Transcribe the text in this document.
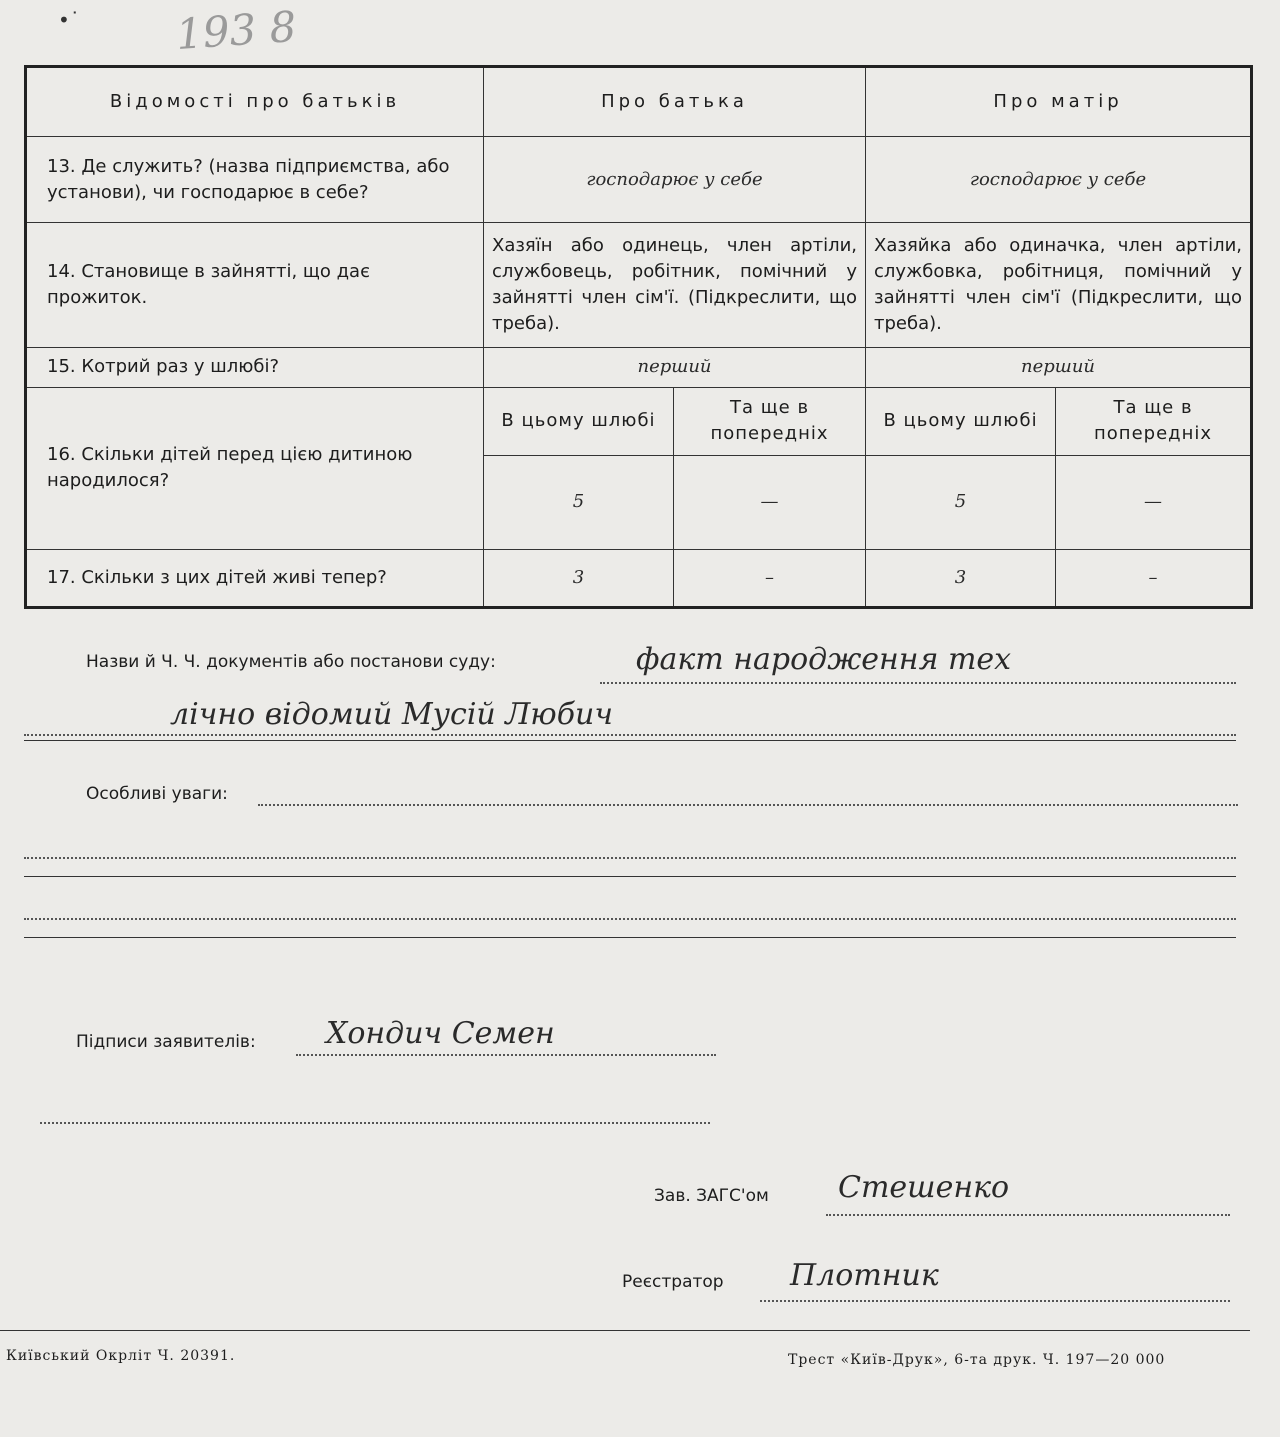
•˙ 193 8
Відомості про батьків	Про батька		Про матір	
13. Де служить? (назва підприємства, або установи), чи господарює в себе?	господарює у себе		господарює у себе	
14. Становище в зайнятті, що дає прожиток.	Хазяїн або одинець, член артіли, службовець, робітник, помічний у зайнятті член сім'ї. (Підкреслити, що треба).		Хазяйка або одиначка, член артіли, службовка, робітниця, помічний у зайнятті член сім'ї (Підкреслити, що треба).	
15. Котрий раз у шлюбі?	перший		перший	
16. Скільки дітей перед цією дитиною народилося?	В цьому шлюбі	Та ще в попередніх	В цьому шлюбі	Та ще в попередніх
	5	—	5	—
17. Скільки з цих дітей живі тепер?	3	–	3	–
Назви й Ч. Ч. документів або постанови суду:	факт народження тех
лічно відомий Мусій Любич
Особливі уваги:
Підписи заявителів: Хондич Семен
Зав. ЗАГС'ом Стешенко
Реєстратор Плотник
Київський Окрліт Ч. 20391.	Трест «Київ-Друк», 6-та друк. Ч. 197—20 000
